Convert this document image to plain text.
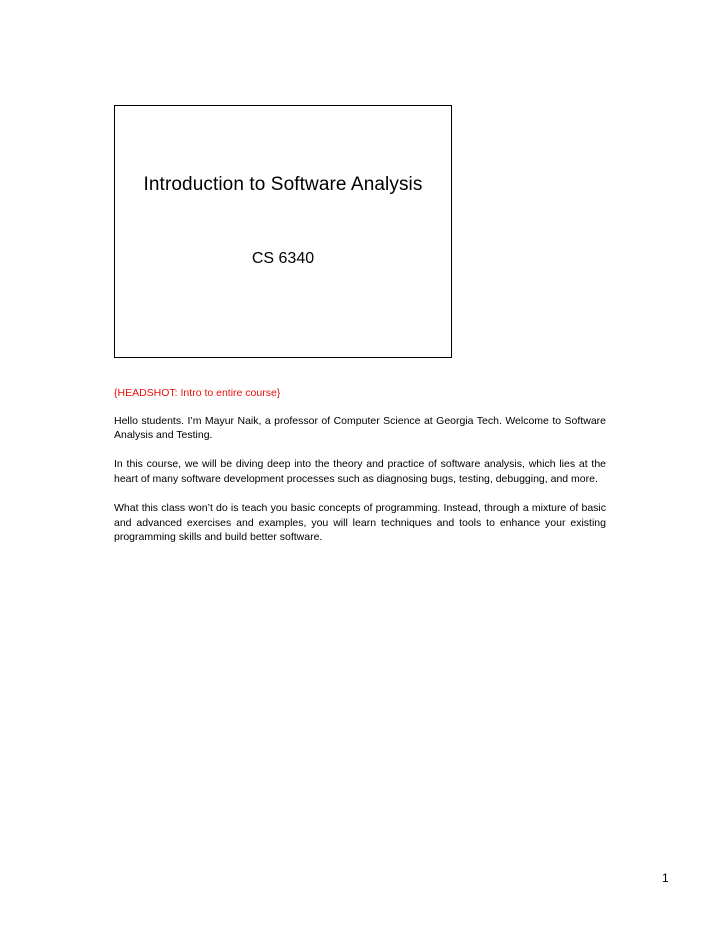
Introduction to Software Analysis
CS 6340

{HEADSHOT: Intro to entire course}

Hello students. I’m Mayur Naik, a professor of Computer Science at Georgia Tech. Welcome to Software Analysis and Testing.

In this course, we will be diving deep into the theory and practice of software analysis, which lies at the heart of many software development processes such as diagnosing bugs, testing, debugging, and more.

What this class won’t do is teach you basic concepts of programming. Instead, through a mixture of basic and advanced exercises and examples, you will learn techniques and tools to enhance your existing programming skills and build better software.

1
